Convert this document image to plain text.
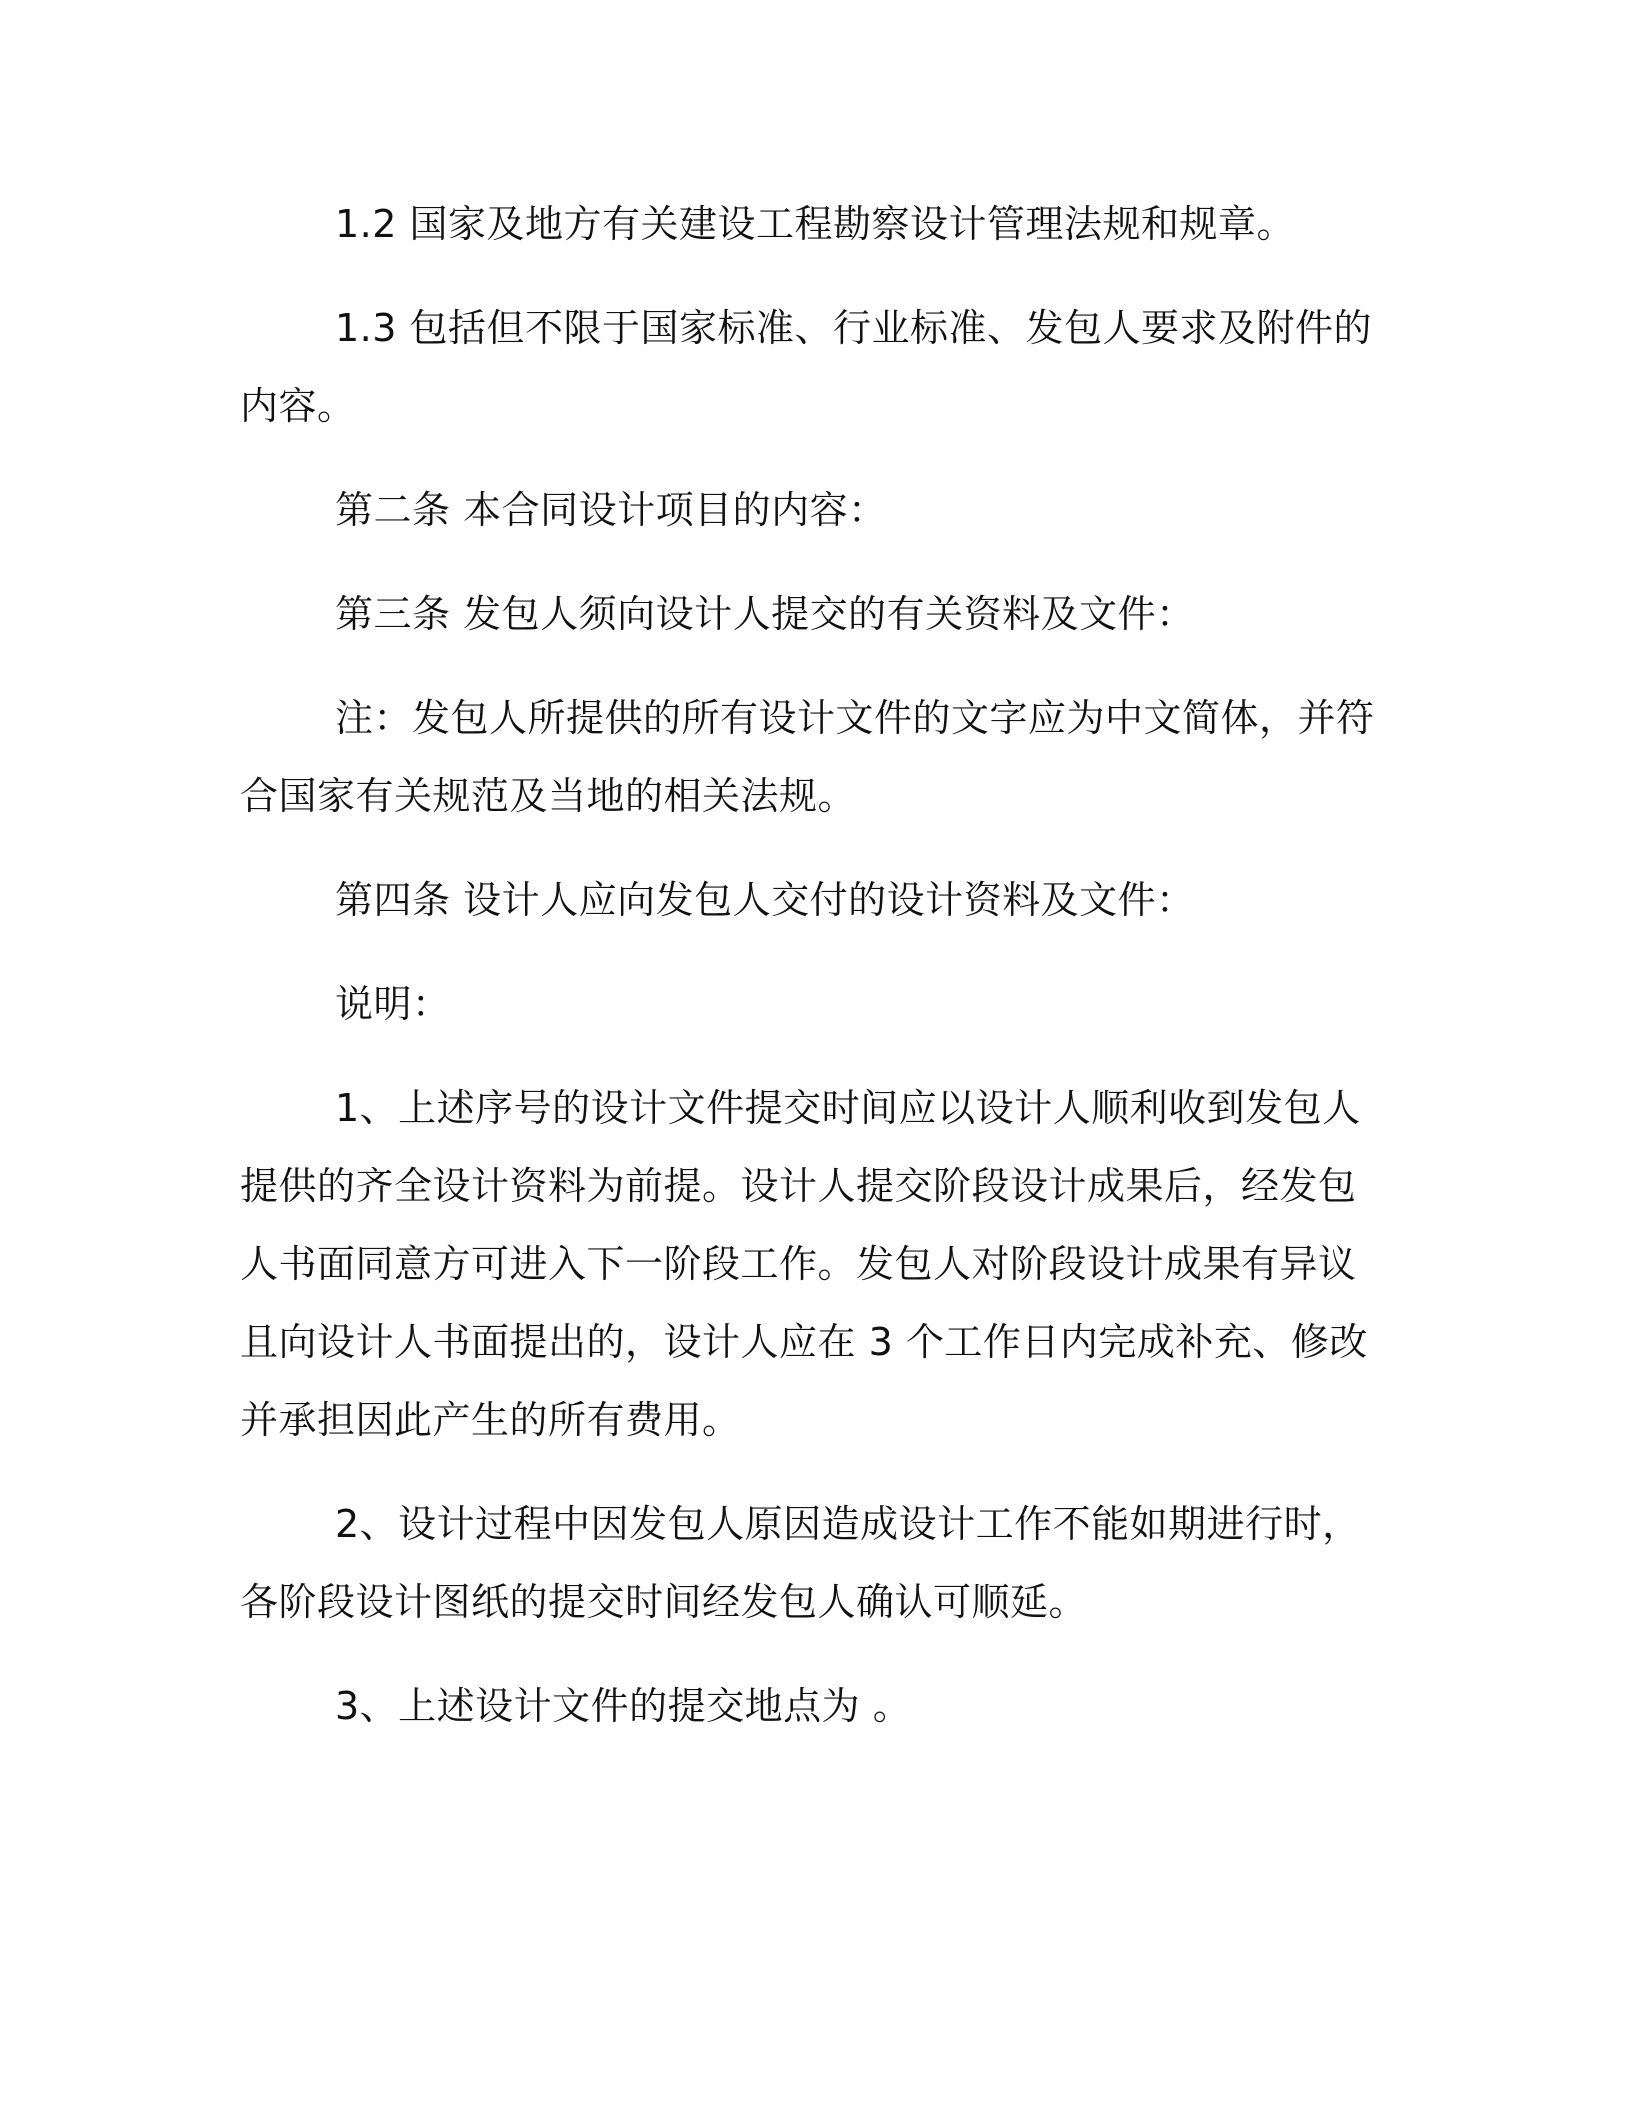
1.2 国家及地方有关建设工程勘察设计管理法规和规章。

1.3 包括但不限于国家标准、行业标准、发包人要求及附件的内容。

第二条 本合同设计项目的内容：

第三条 发包人须向设计人提交的有关资料及文件：

注：发包人所提供的所有设计文件的文字应为中文简体，并符合国家有关规范及当地的相关法规。

第四条 设计人应向发包人交付的设计资料及文件：

说明：

1、上述序号的设计文件提交时间应以设计人顺利收到发包人提供的齐全设计资料为前提。设计人提交阶段设计成果后，经发包人书面同意方可进入下一阶段工作。发包人对阶段设计成果有异议且向设计人书面提出的，设计人应在 3 个工作日内完成补充、修改并承担因此产生的所有费用。

2、设计过程中因发包人原因造成设计工作不能如期进行时，各阶段设计图纸的提交时间经发包人确认可顺延。

3、上述设计文件的提交地点为 。
